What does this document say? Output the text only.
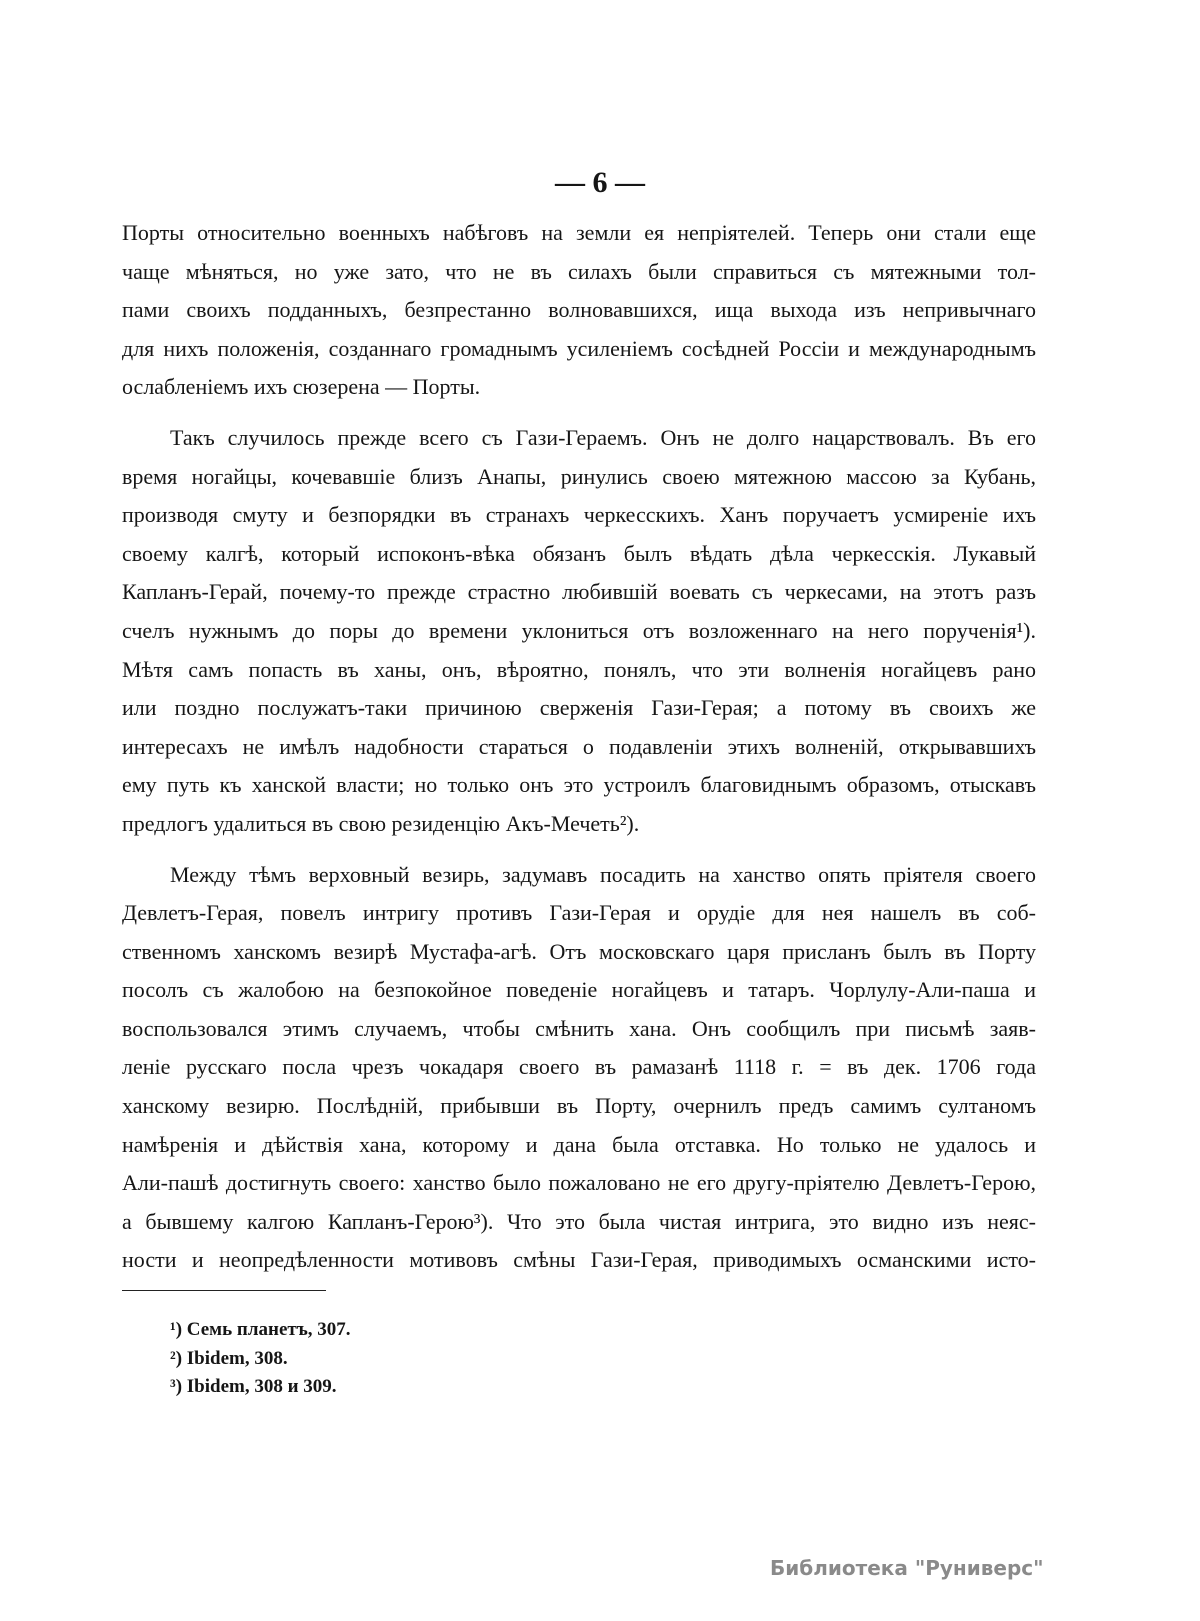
— 6 —
Порты относительно военныхъ набѣговъ на земли ея непріятелей. Теперь они стали еще
чаще мѣняться, но уже зато, что не въ силахъ были справиться съ мятежными тол-
пами своихъ подданныхъ, безпрестанно волновавшихся, ища выхода изъ непривычнаго
для нихъ положенія, созданнаго громаднымъ усиленіемъ сосѣдней Россіи и международнымъ
ослабленіемъ ихъ сюзерена — Порты.
Такъ случилось прежде всего съ Гази-Гераемъ. Онъ не долго нацарствовалъ. Въ его
время ногайцы, кочевавшіе близъ Анапы, ринулись своею мятежною массою за Кубань,
производя смуту и безпорядки въ странахъ черкесскихъ. Ханъ поручаетъ усмиреніе ихъ
своему калгѣ, который испоконъ-вѣка обязанъ былъ вѣдать дѣла черкесскія. Лукавый
Капланъ-Герай, почему-то прежде страстно любившій воевать съ черкесами, на этотъ разъ
счелъ нужнымъ до поры до времени уклониться отъ возложеннаго на него порученія¹).
Мѣтя самъ попасть въ ханы, онъ, вѣроятно, понялъ, что эти волненія ногайцевъ рано
или поздно послужатъ-таки причиною сверженія Гази-Герая; а потому въ своихъ же
интересахъ не имѣлъ надобности стараться о подавленіи этихъ волненій, открывавшихъ
ему путь къ ханской власти; но только онъ это устроилъ благовиднымъ образомъ, отыскавъ
предлогъ удалиться въ свою резиденцію Акъ-Мечеть²).
Между тѣмъ верховный везирь, задумавъ посадить на ханство опять пріятеля своего
Девлетъ-Герая, повелъ интригу противъ Гази-Герая и орудіе для нея нашелъ въ соб-
ственномъ ханскомъ везирѣ Мустафа-агѣ. Отъ московскаго царя присланъ былъ въ Порту
посолъ съ жалобою на безпокойное поведеніе ногайцевъ и татаръ. Чорлулу-Али-паша и
воспользовался этимъ случаемъ, чтобы смѣнить хана. Онъ сообщилъ при письмѣ заяв-
леніе русскаго посла чрезъ чокадаря своего въ рамазанѣ 1118 г. = въ дек. 1706 года
ханскому везирю. Послѣдній, прибывши въ Порту, очернилъ предъ самимъ султаномъ
намѣренія и дѣйствія хана, которому и дана была отставка. Но только не удалось и
Али-пашѣ достигнуть своего: ханство было пожаловано не его другу-пріятелю Девлетъ-Герою,
а бывшему калгою Капланъ-Герою³). Что это была чистая интрига, это видно изъ неяс-
ности и неопредѣленности мотивовъ смѣны Гази-Герая, приводимыхъ османскими исто-
¹) Семь планетъ, 307.
²) Ibidem, 308.
³) Ibidem, 308 и 309.
Библиотека "Руниверс"
